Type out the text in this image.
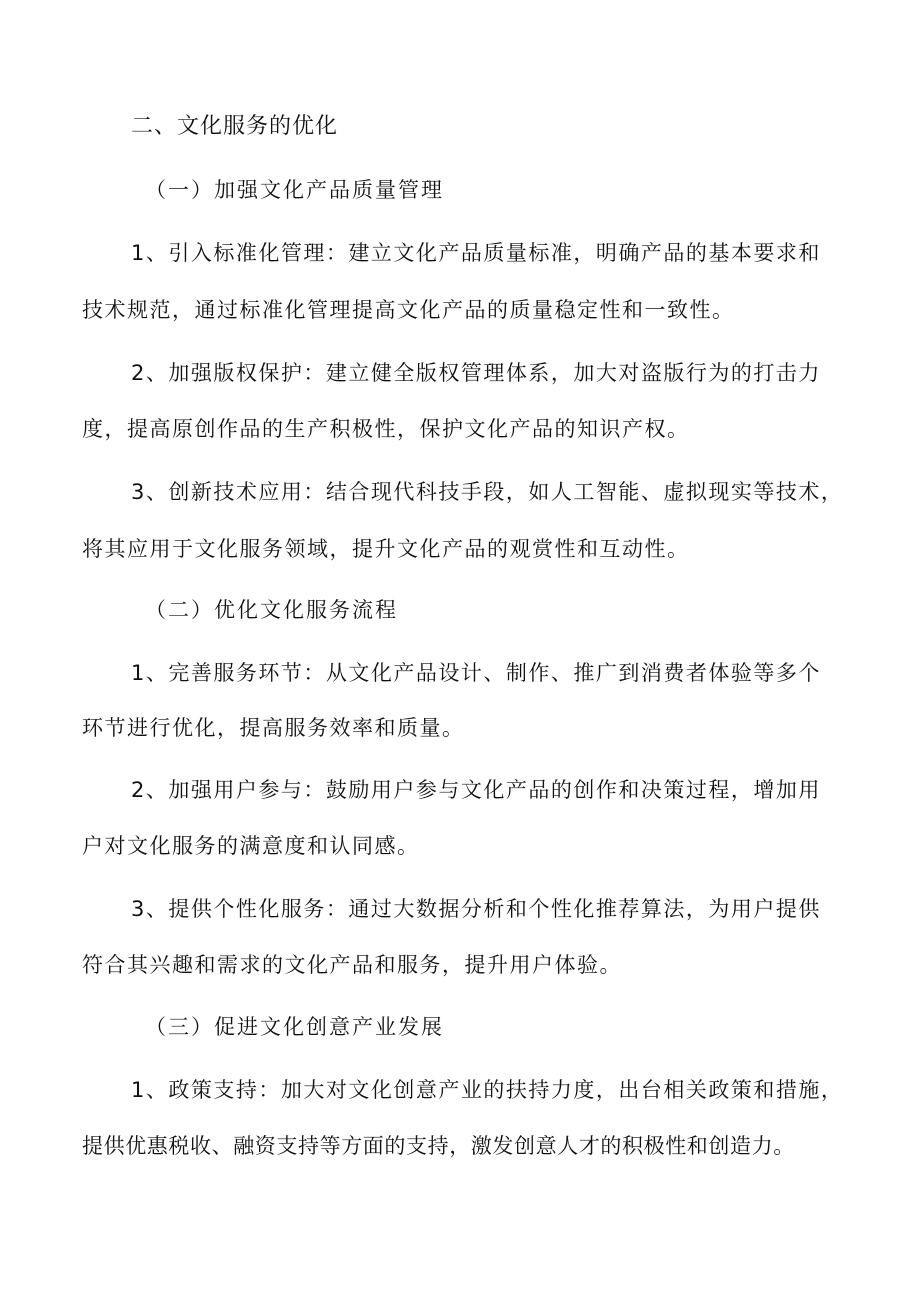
二、文化服务的优化
（一）加强文化产品质量管理
1、引入标准化管理：建立文化产品质量标准，明确产品的基本要求和
技术规范，通过标准化管理提高文化产品的质量稳定性和一致性。
2、加强版权保护：建立健全版权管理体系，加大对盗版行为的打击力
度，提高原创作品的生产积极性，保护文化产品的知识产权。
3、创新技术应用：结合现代科技手段，如人工智能、虚拟现实等技术，
将其应用于文化服务领域，提升文化产品的观赏性和互动性。
（二）优化文化服务流程
1、完善服务环节：从文化产品设计、制作、推广到消费者体验等多个
环节进行优化，提高服务效率和质量。
2、加强用户参与：鼓励用户参与文化产品的创作和决策过程，增加用
户对文化服务的满意度和认同感。
3、提供个性化服务：通过大数据分析和个性化推荐算法，为用户提供
符合其兴趣和需求的文化产品和服务，提升用户体验。
（三）促进文化创意产业发展
1、政策支持：加大对文化创意产业的扶持力度，出台相关政策和措施，
提供优惠税收、融资支持等方面的支持，激发创意人才的积极性和创造力。
